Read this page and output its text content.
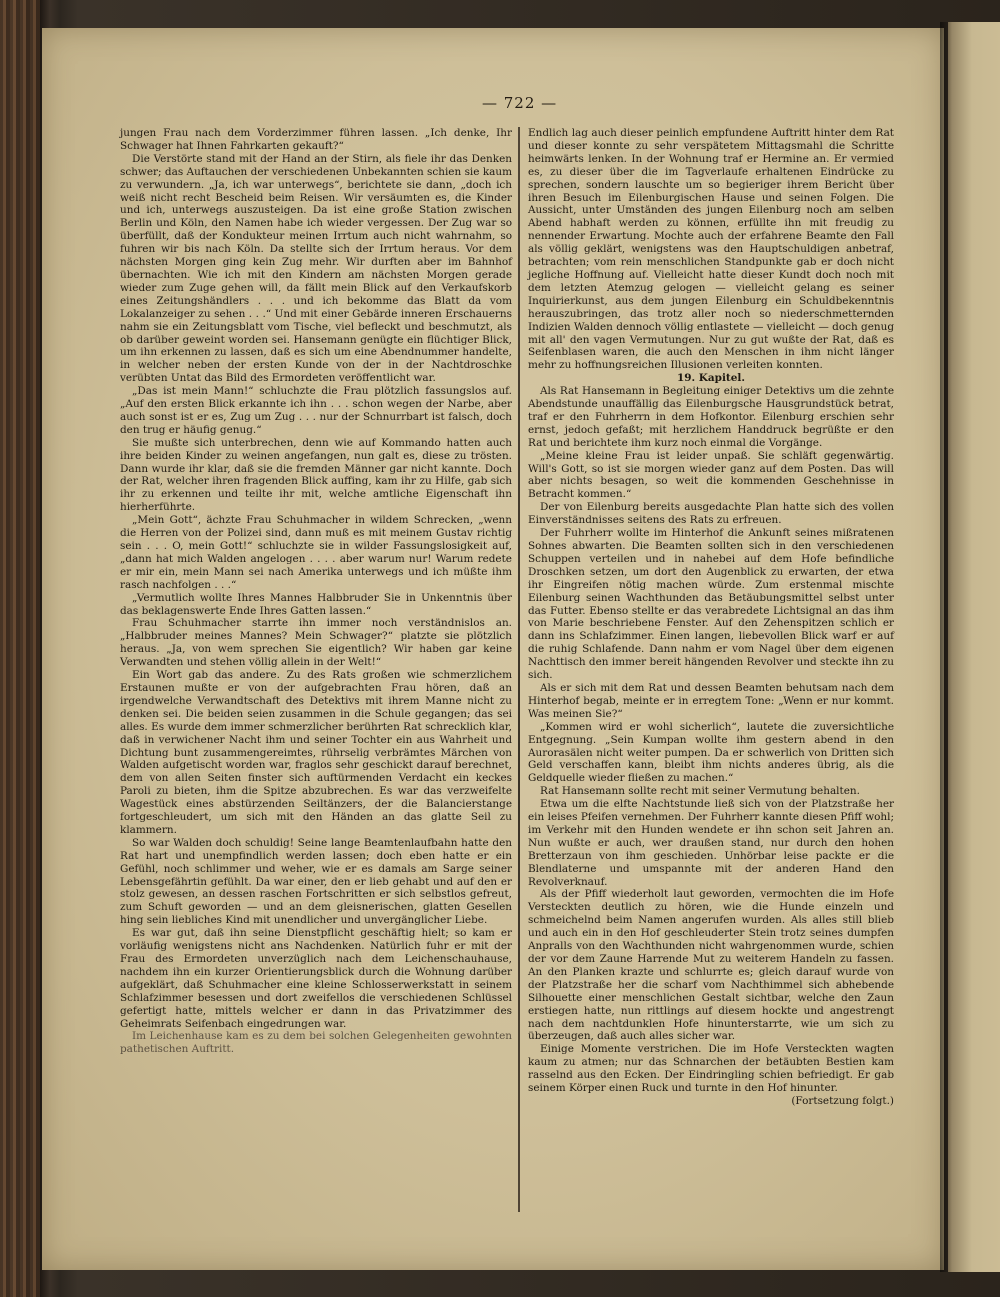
— 722 —

jungen Frau nach dem Vorderzimmer führen lassen. „Ich denke, Ihr Schwager hat Ihnen Fahrkarten gekauft?“

Die Verstörte stand mit der Hand an der Stirn, als fiele ihr das Denken schwer; das Auftauchen der verschiedenen Unbekannten schien sie kaum zu verwundern. „Ja, ich war unterwegs“, berichtete sie dann, „doch ich weiß nicht recht Bescheid beim Reisen. Wir versäumten es, die Kinder und ich, unterwegs auszusteigen. Da ist eine große Station zwischen Berlin und Köln, den Namen habe ich wieder vergessen. Der Zug war so überfüllt, daß der Kondukteur meinen Irrtum auch nicht wahrnahm, so fuhren wir bis nach Köln. Da stellte sich der Irrtum heraus. Vor dem nächsten Morgen ging kein Zug mehr. Wir durften aber im Bahnhof übernachten. Wie ich mit den Kindern am nächsten Morgen gerade wieder zum Zuge gehen will, da fällt mein Blick auf den Verkaufskorb eines Zeitungshändlers . . . und ich bekomme das Blatt da vom Lokalanzeiger zu sehen . . .“ Und mit einer Gebärde inneren Erschauerns nahm sie ein Zeitungsblatt vom Tische, viel befleckt und beschmutzt, als ob darüber geweint worden sei. Hansemann genügte ein flüchtiger Blick, um ihn erkennen zu lassen, daß es sich um eine Abendnummer handelte, in welcher neben der ersten Kunde von der in der Nachtdroschke verübten Untat das Bild des Ermordeten veröffentlicht war.

„Das ist mein Mann!“ schluchzte die Frau plötzlich fassungslos auf. „Auf den ersten Blick erkannte ich ihn . . . schon wegen der Narbe, aber auch sonst ist er es, Zug um Zug . . . nur der Schnurrbart ist falsch, doch den trug er häufig genug.“

Sie mußte sich unterbrechen, denn wie auf Kommando hatten auch ihre beiden Kinder zu weinen angefangen, nun galt es, diese zu trösten. Dann wurde ihr klar, daß sie die fremden Männer gar nicht kannte. Doch der Rat, welcher ihren fragenden Blick auffing, kam ihr zu Hilfe, gab sich ihr zu erkennen und teilte ihr mit, welche amtliche Eigenschaft ihn hierherführte.

„Mein Gott“, ächzte Frau Schuhmacher in wildem Schrecken, „wenn die Herren von der Polizei sind, dann muß es mit meinem Gustav richtig sein . . . O, mein Gott!“ schluchzte sie in wilder Fassungslosigkeit auf, „dann hat mich Walden angelogen . . . . aber warum nur! Warum redete er mir ein, mein Mann sei nach Amerika unterwegs und ich müßte ihm rasch nachfolgen . . .“

„Vermutlich wollte Ihres Mannes Halbbruder Sie in Unkenntnis über das beklagenswerte Ende Ihres Gatten lassen.“

Frau Schuhmacher starrte ihn immer noch verständnislos an. „Halbbruder meines Mannes? Mein Schwager?“ platzte sie plötzlich heraus. „Ja, von wem sprechen Sie eigentlich? Wir haben gar keine Verwandten und stehen völlig allein in der Welt!“

Ein Wort gab das andere. Zu des Rats großen wie schmerzlichem Erstaunen mußte er von der aufgebrachten Frau hören, daß an irgendwelche Verwandtschaft des Detektivs mit ihrem Manne nicht zu denken sei. Die beiden seien zusammen in die Schule gegangen; das sei alles. Es wurde dem immer schmerzlicher berührten Rat schrecklich klar, daß in verwichener Nacht ihm und seiner Tochter ein aus Wahrheit und Dichtung bunt zusammengereimtes, rührselig verbrämtes Märchen von Walden aufgetischt worden war, fraglos sehr geschickt darauf berechnet, dem von allen Seiten finster sich auftürmenden Verdacht ein keckes Paroli zu bieten, ihm die Spitze abzubrechen. Es war das verzweifelte Wagestück eines abstürzenden Seiltänzers, der die Balancierstange fortgeschleudert, um sich mit den Händen an das glatte Seil zu klammern.

So war Walden doch schuldig! Seine lange Beamtenlaufbahn hatte den Rat hart und unempfindlich werden lassen; doch eben hatte er ein Gefühl, noch schlimmer und weher, wie er es damals am Sarge seiner Lebensgefährtin gefühlt. Da war einer, den er lieb gehabt und auf den er stolz gewesen, an dessen raschen Fortschritten er sich selbstlos gefreut, zum Schuft geworden — und an dem gleisnerischen, glatten Gesellen hing sein liebliches Kind mit unendlicher und unvergänglicher Liebe.

Es war gut, daß ihn seine Dienstpflicht geschäftig hielt; so kam er vorläufig wenigstens nicht ans Nachdenken. Natürlich fuhr er mit der Frau des Ermordeten unverzüglich nach dem Leichenschauhause, nachdem ihn ein kurzer Orientierungsblick durch die Wohnung darüber aufgeklärt, daß Schuhmacher eine kleine Schlosserwerkstatt in seinem Schlafzimmer besessen und dort zweifellos die verschiedenen Schlüssel gefertigt hatte, mittels welcher er dann in das Privatzimmer des Geheimrats Seifenbach eingedrungen war.

Im Leichenhause kam es zu dem bei solchen Gelegenheiten gewohnten pathetischen Auftritt.

Endlich lag auch dieser peinlich empfundene Auftritt hinter dem Rat und dieser konnte zu sehr verspätetem Mittagsmahl die Schritte heimwärts lenken. In der Wohnung traf er Hermine an. Er vermied es, zu dieser über die im Tagverlaufe erhaltenen Eindrücke zu sprechen, sondern lauschte um so begieriger ihrem Bericht über ihren Besuch im Eilenburgischen Hause und seinen Folgen. Die Aussicht, unter Umständen des jungen Eilenburg noch am selben Abend habhaft werden zu können, erfüllte ihn mit freudig zu nennender Erwartung. Mochte auch der erfahrene Beamte den Fall als völlig geklärt, wenigstens was den Hauptschuldigen anbetraf, betrachten; vom rein menschlichen Standpunkte gab er doch nicht jegliche Hoffnung auf. Vielleicht hatte dieser Kundt doch noch mit dem letzten Atemzug gelogen — vielleicht gelang es seiner Inquirierkunst, aus dem jungen Eilenburg ein Schuldbekenntnis herauszubringen, das trotz aller noch so niederschmetternden Indizien Walden dennoch völlig entlastete — vielleicht — doch genug mit all' den vagen Vermutungen. Nur zu gut wußte der Rat, daß es Seifenblasen waren, die auch den Menschen in ihm nicht länger mehr zu hoffnungsreichen Illusionen verleiten konnten.

19. Kapitel.

Als Rat Hansemann in Begleitung einiger Detektivs um die zehnte Abendstunde unauffällig das Eilenburgsche Hausgrundstück betrat, traf er den Fuhrherrn in dem Hofkontor. Eilenburg erschien sehr ernst, jedoch gefaßt; mit herzlichem Handdruck begrüßte er den Rat und berichtete ihm kurz noch einmal die Vorgänge.

„Meine kleine Frau ist leider unpaß. Sie schläft gegenwärtig. Will's Gott, so ist sie morgen wieder ganz auf dem Posten. Das will aber nichts besagen, so weit die kommenden Geschehnisse in Betracht kommen.“

Der von Eilenburg bereits ausgedachte Plan hatte sich des vollen Einverständnisses seitens des Rats zu erfreuen.

Der Fuhrherr wollte im Hinterhof die Ankunft seines mißratenen Sohnes abwarten. Die Beamten sollten sich in den verschiedenen Schuppen verteilen und in nahebei auf dem Hofe befindliche Droschken setzen, um dort den Augenblick zu erwarten, der etwa ihr Eingreifen nötig machen würde. Zum erstenmal mischte Eilenburg seinen Wachthunden das Betäubungsmittel selbst unter das Futter. Ebenso stellte er das verabredete Lichtsignal an das ihm von Marie beschriebene Fenster. Auf den Zehenspitzen schlich er dann ins Schlafzimmer. Einen langen, liebevollen Blick warf er auf die ruhig Schlafende. Dann nahm er vom Nagel über dem eigenen Nachttisch den immer bereit hängenden Revolver und steckte ihn zu sich.

Als er sich mit dem Rat und dessen Beamten behutsam nach dem Hinterhof begab, meinte er in erregtem Tone: „Wenn er nur kommt. Was meinen Sie?“

„Kommen wird er wohl sicherlich“, lautete die zuversichtliche Entgegnung. „Sein Kumpan wollte ihm gestern abend in den Aurorasälen nicht weiter pumpen. Da er schwerlich von Dritten sich Geld verschaffen kann, bleibt ihm nichts anderes übrig, als die Geldquelle wieder fließen zu machen.“

Rat Hansemann sollte recht mit seiner Vermutung behalten.

Etwa um die elfte Nachtstunde ließ sich von der Platzstraße her ein leises Pfeifen vernehmen. Der Fuhrherr kannte diesen Pfiff wohl; im Verkehr mit den Hunden wendete er ihn schon seit Jahren an. Nun wußte er auch, wer draußen stand, nur durch den hohen Bretterzaun von ihm geschieden. Unhörbar leise packte er die Blendlaterne und umspannte mit der anderen Hand den Revolverknauf.

Als der Pfiff wiederholt laut geworden, vermochten die im Hofe Versteckten deutlich zu hören, wie die Hunde einzeln und schmeichelnd beim Namen angerufen wurden. Als alles still blieb und auch ein in den Hof geschleuderter Stein trotz seines dumpfen Anpralls von den Wachthunden nicht wahrgenommen wurde, schien der vor dem Zaune Harrende Mut zu weiterem Handeln zu fassen. An den Planken krazte und schlurrte es; gleich darauf wurde von der Platzstraße her die scharf vom Nachthimmel sich abhebende Silhouette einer menschlichen Gestalt sichtbar, welche den Zaun erstiegen hatte, nun rittlings auf diesem hockte und angestrengt nach dem nachtdunklen Hofe hinunterstarrte, wie um sich zu überzeugen, daß auch alles sicher war.

Einige Momente verstrichen. Die im Hofe Versteckten wagten kaum zu atmen; nur das Schnarchen der betäubten Bestien kam rasselnd aus den Ecken. Der Eindringling schien befriedigt. Er gab seinem Körper einen Ruck und turnte in den Hof hinunter.

(Fortsetzung folgt.)
